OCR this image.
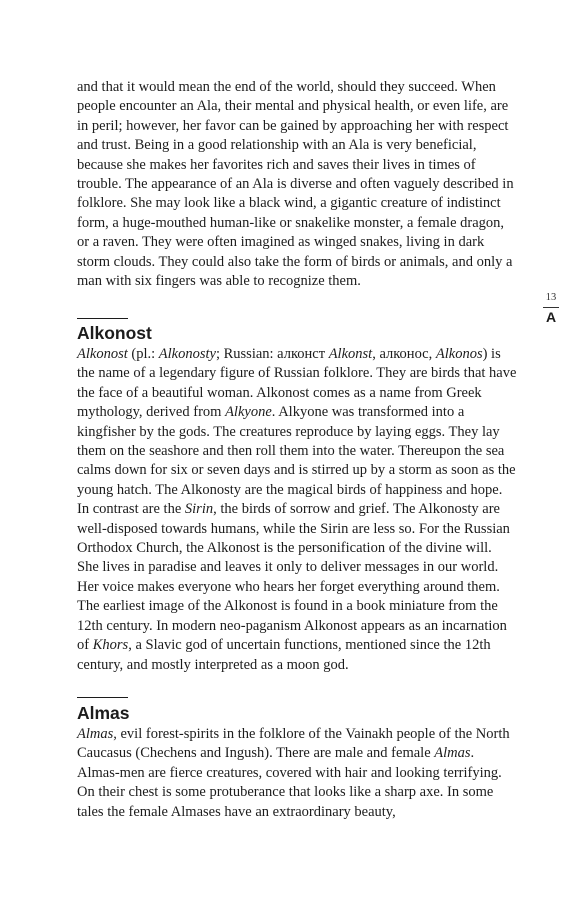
and that it would mean the end of the world, should they succeed. When people encounter an Ala, their mental and physical health, or even life, are in peril; however, her favor can be gained by approaching her with respect and trust. Being in a good relationship with an Ala is very beneficial, because she makes her favorites rich and saves their lives in times of trouble. The appearance of an Ala is diverse and often vaguely described in folklore. She may look like a black wind, a gigantic creature of indistinct form, a huge-mouthed human-like or snakelike monster, a female dragon, or a raven. They were often imagined as winged snakes, living in dark storm clouds. They could also take the form of birds or animals, and only a man with six fingers was able to recognize them.

13
A
Alkonost

Alkonost (pl.: Alkonosty; Russian: алконст Alkonst, алконос, Alkonos) is the name of a legendary figure of Russian folklore. They are birds that have the face of a beautiful woman. Alkonost comes as a name from Greek mythology, derived from Alkyone. Alkyone was transformed into a kingfisher by the gods. The creatures reproduce by laying eggs. They lay them on the seashore and then roll them into the water. Thereupon the sea calms down for six or seven days and is stirred up by a storm as soon as the young hatch. The Alkonosty are the magical birds of happiness and hope. In contrast are the Sirin, the birds of sorrow and grief. The Alkonosty are well-disposed towards humans, while the Sirin are less so. For the Russian Orthodox Church, the Alkonost is the personification of the divine will. She lives in paradise and leaves it only to deliver messages in our world. Her voice makes everyone who hears her forget everything around them. The earliest image of the Alkonost is found in a book miniature from the 12th century. In modern neo-paganism Alkonost appears as an incarnation of Khors, a Slavic god of uncertain functions, mentioned since the 12th century, and mostly interpreted as a moon god.

Almas

Almas, evil forest-spirits in the folklore of the Vainakh people of the North Caucasus (Chechens and Ingush). There are male and female Almas. Almas-men are fierce creatures, covered with hair and looking terrifying. On their chest is some protuberance that looks like a sharp axe. In some tales the female Almases have an extraordinary beauty,
